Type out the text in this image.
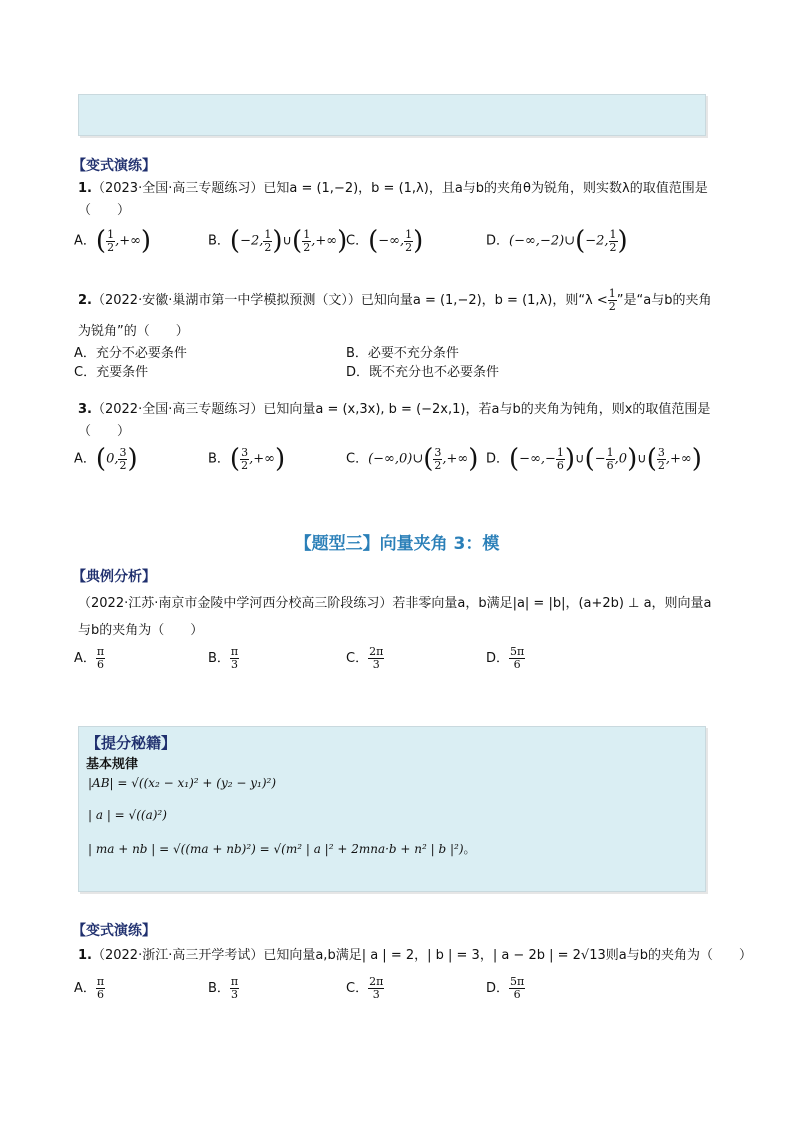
【变式演练】
1.（2023·全国·高三专题练习）已知a = (1,−2)，b = (1,λ)，且a与b的夹角θ为锐角，则实数λ的取值范围是
（　　）
A．( $\frac{1}{2}$ ,+∞)	B．(−2, $\frac{1}{2}$ )∪( $\frac{1}{2}$ ,+∞)
C．(−∞, $\frac{1}{2}$ )	D．(−∞,−2)∪(−2, $\frac{1}{2}$ )
2.（2022·安徽·巢湖市第一中学模拟预测（文））已知向量a = (1,−2)，b = (1,λ)，则“$\lambda < \frac{1}{2}$ ”是“a与b的夹角
为锐角”的（　　）
A．充分不必要条件	B．必要不充分条件
C．充要条件	D．既不充分也不必要条件
3.（2022·全国·高三专题练习）已知向量a = (x,3x), b = (−2x,1)，若a与b的夹角为钝角，则x的取值范围是
（　　）
A．(0, $\frac{3}{2}$ )	B．( $\frac{3}{2}$ ,+∞)	C．(−∞,0)∪( $\frac{3}{2}$ ,+∞) D．(−∞,− $\frac{1}{6}$ )∪(− $\frac{1}{6}$ ,0)∪( $\frac{3}{2}$ ,+∞)
【题型三】向量夹角 3：模
【典例分析】
（2022·江苏·南京市金陵中学河西分校高三阶段练习）若非零向量a，b满足|a| = |b|，(a+2b) ⊥ a，则向量a
与b的夹角为（　　）
A． $\frac{\pi}{6}$	B． $\frac{\pi}{3}$	C． $\frac{2\pi}{3}$	D． $\frac{5\pi}{6}$
【提分秘籍】
基本规律
|AB| = √((x₂ − x₁)² + (y₂ − y₁)²)
| a | = √((a)²)
| ma + nb | = √((ma + nb)²) = √(m² | a |² + 2mna·b + n² | b |²)。
【变式演练】
1.（2022·浙江·高三开学考试）已知向量a,b满足| a | = 2，| b | = 3，| a − 2b | = 2√13则a与b的夹角为（　　）
A． $\frac{\pi}{6}$	B． $\frac{\pi}{3}$	C． $\frac{2\pi}{3}$	D． $\frac{5\pi}{6}$
